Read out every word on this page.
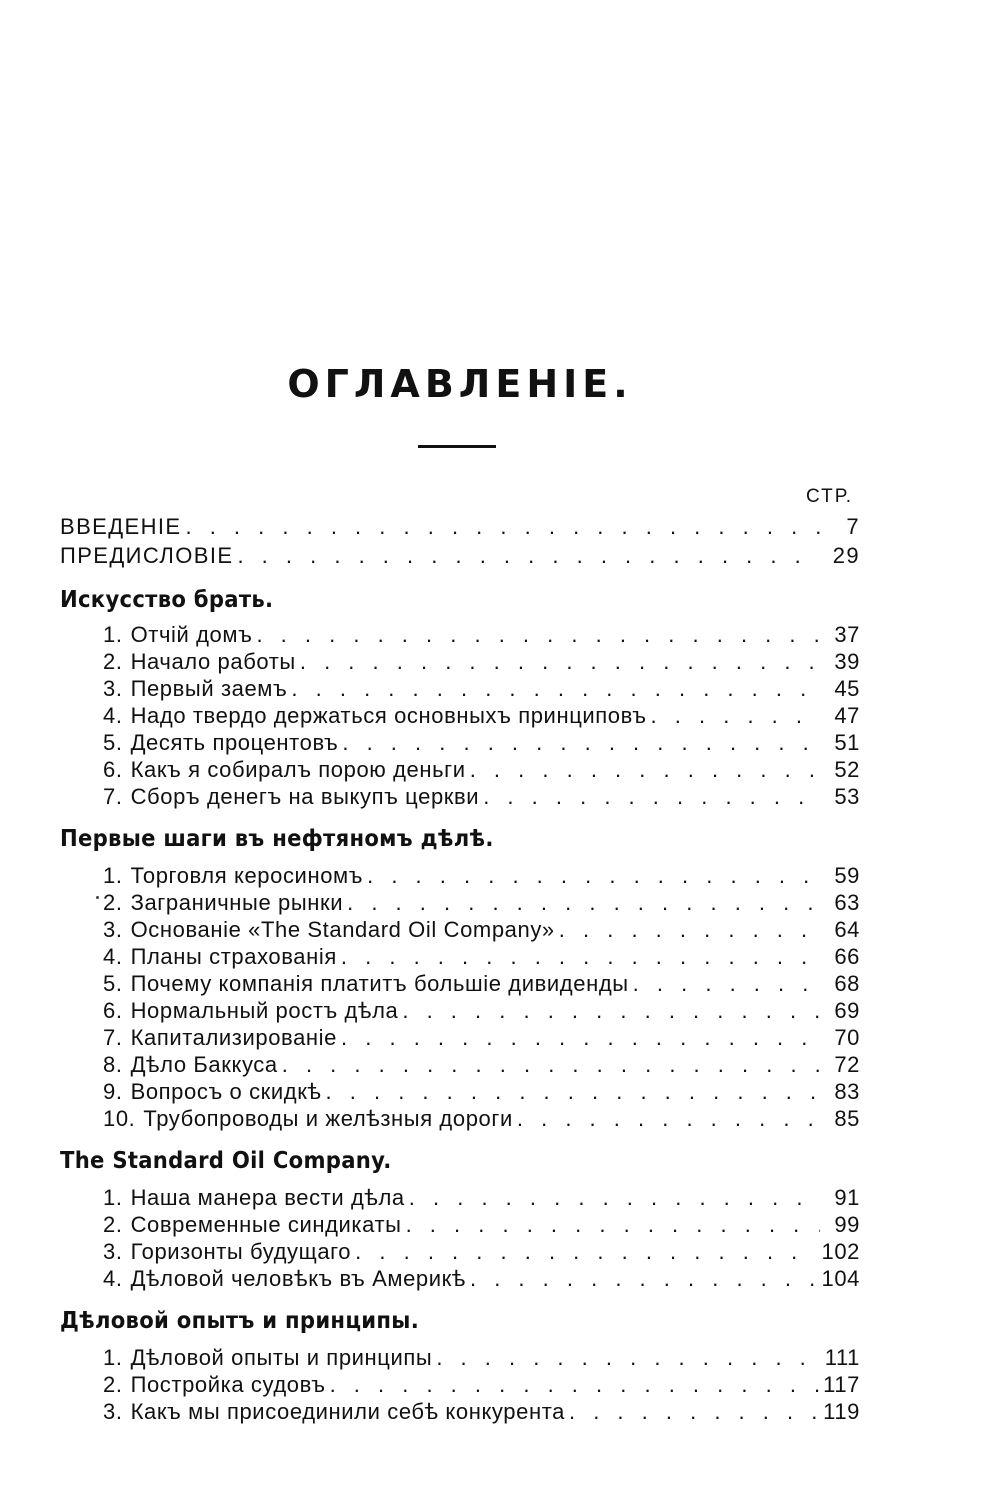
ОГЛАВЛЕНІЕ.
СТР.
ВВЕДЕНIЕ . . .	7
ПРЕДИСЛОВIЕ . . .	29
Искусство брать.
1. Отчій домъ . . .	37
2. Начало работы . . .	39
3. Первый заемъ . . .	45
4. Надо твердо держаться основныхъ принциповъ . . .	47
5. Десять процентовъ . . .	51
6. Какъ я собиралъ порою деньги . . .	52
7. Сборъ денегъ на выкупъ церкви . . .	53
Первые шаги въ нефтяномъ дѣлѣ.
1. Торговля керосиномъ . . .	59
2. Заграничные рынки . . .	63
3. Основаніе «The Standard Oil Company» . . .	64
4. Планы страхованія . . .	66
5. Почему компанія платитъ большіе дивиденды . . .	68
6. Нормальный ростъ дѣла . . .	69
7. Капитализированіе . . .	70
8. Дѣло Баккуса . . .	72
9. Вопросъ о скидкѣ . . .	83
10. Трубопроводы и желѣзныя дороги . . .	85
The Standard Oil Company.
1. Наша манера вести дѣла . . .	91
2. Современные синдикаты . . .	99
3. Горизонты будущаго . . .	102
4. Дѣловой человѣкъ въ Америкѣ . . .	104
Дѣловой опытъ и принципы.
1. Дѣловой опыты и принципы . . .	111
2. Постройка судовъ . . .	117
3. Какъ мы присоединили себѣ конкурента . . .	119
